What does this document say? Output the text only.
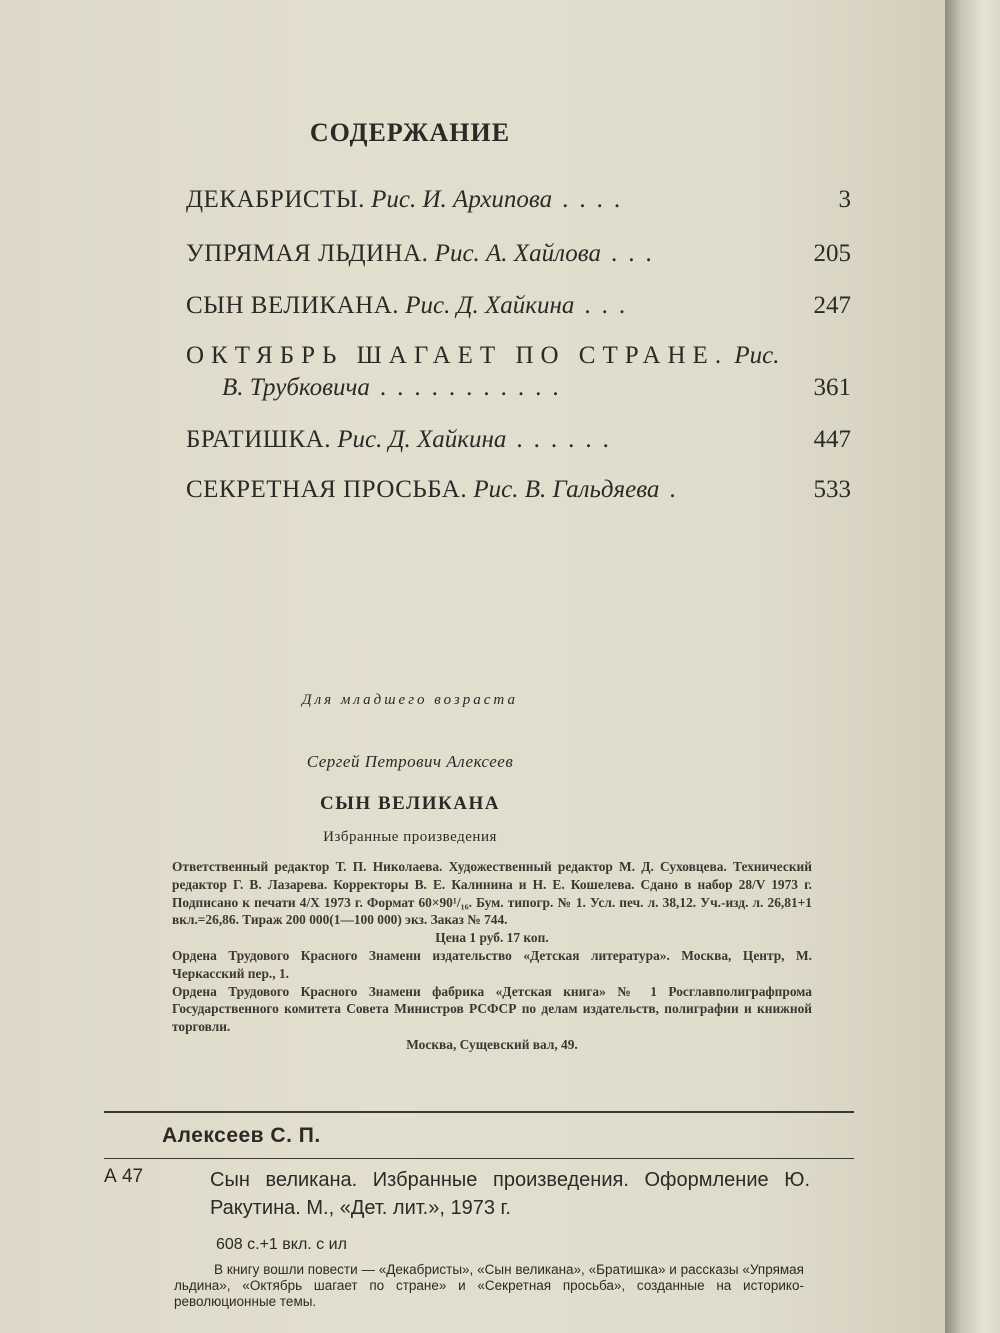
СОДЕРЖАНИЕ
ДЕКАБРИСТЫ. Рис. И. Архипова ....	3
УПРЯМАЯ ЛЬДИНА. Рис. А. Хайлова ...	205
СЫН ВЕЛИКАНА. Рис. Д. Хайкина ...	247
ОКТЯБРЬ ШАГАЕТ ПО СТРАНЕ. Рис.
В. Трубковича ...........	361
БРАТИШКА. Рис. Д. Хайкина ......	447
СЕКРЕТНАЯ ПРОСЬБА. Рис. В. Гальдяева .	533
Для младшего возраста
Сергей Петрович Алексеев
СЫН ВЕЛИКАНА
Избранные произведения

Ответственный редактор Т. П. Николаева. Художественный редактор М. Д. Суховцева. Технический редактор Г. В. Лазарева. Корректоры В. Е. Калинина и Н. Е. Кошелева. Сдано в набор 28/V 1973 г. Подписано к печати 4/X 1973 г. Формат 60×90¹/₁₆. Бум. типогр. № 1. Усл. печ. л. 38,12. Уч.-изд. л. 26,81+1 вкл.=26,86. Тираж 200 000(1—100 000) экз. Заказ № 744.

Цена 1 руб. 17 коп.

Ордена Трудового Красного Знамени издательство «Детская литература». Москва, Центр, М. Черкасский пер., 1.

Ордена Трудового Красного Знамени фабрика «Детская книга» № 1 Росглавполиграфпрома Государственного комитета Совета Министров РСФСР по делам издательств, полиграфии и книжной торговли.

Москва, Сущевский вал, 49.

Алексеев С. П.
А 47	Сын великана. Избранные произведения. Оформление Ю. Ракутина. М., «Дет. лит.», 1973 г.
608 с.+1 вкл. с ил

В книгу вошли повести — «Декабристы», «Сын великана», «Братишка» и рассказы «Упрямая льдина», «Октябрь шагает по стране» и «Секретная просьба», созданные на историко-революционные темы.
